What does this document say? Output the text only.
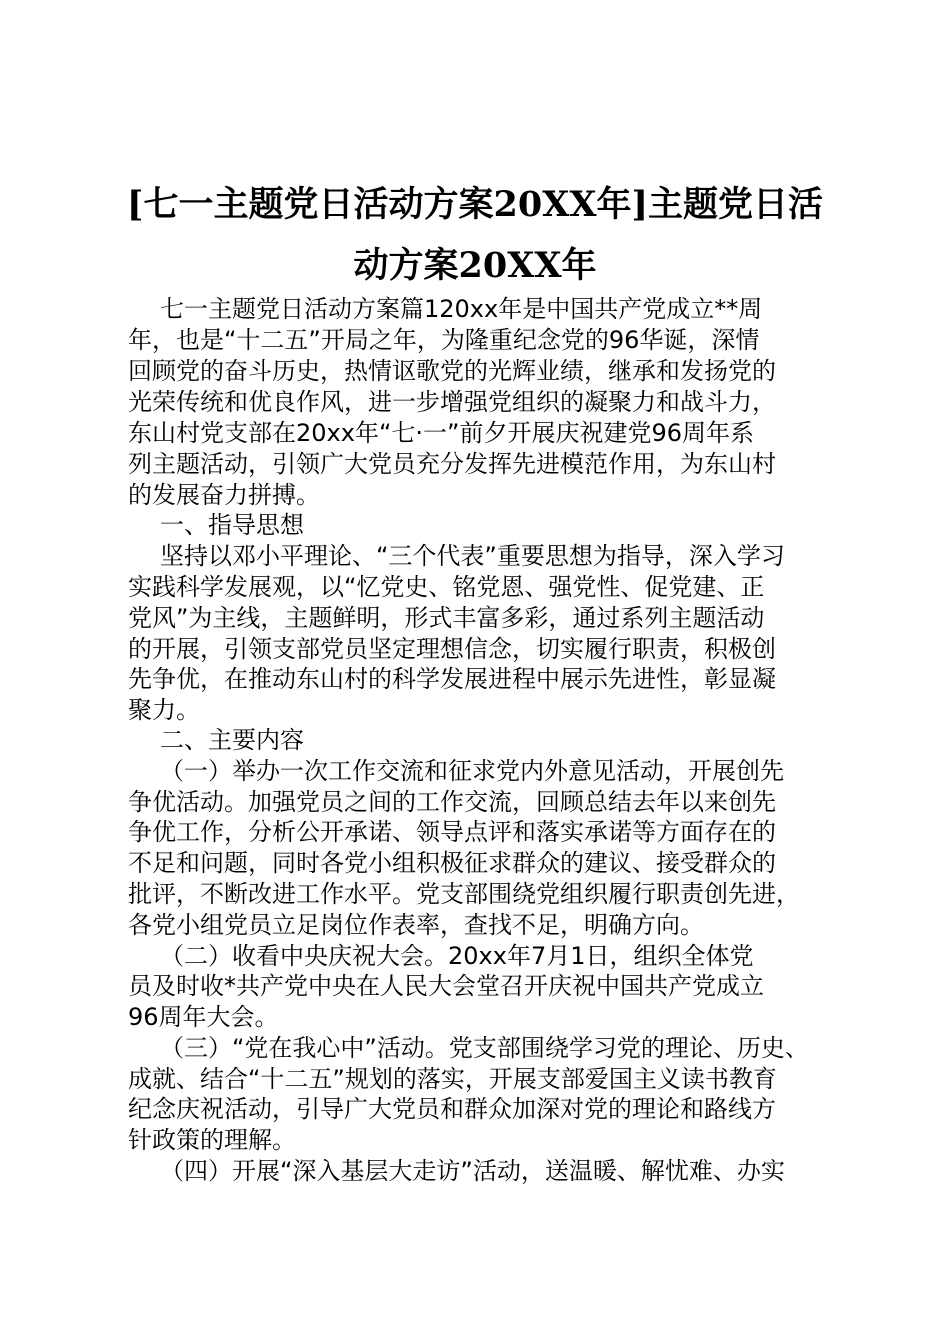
[七一主题党日活动方案20XX年]主题党日活
动方案20XX年
七一主题党日活动方案篇120xx年是中国共产党成立**周
年，也是“十二五”开局之年，为隆重纪念党的96华诞，深情
回顾党的奋斗历史，热情讴歌党的光辉业绩，继承和发扬党的
光荣传统和优良作风，进一步增强党组织的凝聚力和战斗力，
东山村党支部在20xx年“七·一”前夕开展庆祝建党96周年系
列主题活动，引领广大党员充分发挥先进模范作用，为东山村
的发展奋力拼搏。
一、指导思想
坚持以邓小平理论、“三个代表”重要思想为指导，深入学习
实践科学发展观，以“忆党史、铭党恩、强党性、促党建、正
党风”为主线，主题鲜明，形式丰富多彩，通过系列主题活动
的开展，引领支部党员坚定理想信念，切实履行职责，积极创
先争优，在推动东山村的科学发展进程中展示先进性，彰显凝
聚力。
二、主要内容
（一）举办一次工作交流和征求党内外意见活动，开展创先
争优活动。加强党员之间的工作交流，回顾总结去年以来创先
争优工作，分析公开承诺、领导点评和落实承诺等方面存在的
不足和问题，同时各党小组积极征求群众的建议、接受群众的
批评，不断改进工作水平。党支部围绕党组织履行职责创先进，
各党小组党员立足岗位作表率，查找不足，明确方向。
（二）收看中央庆祝大会。20xx年7月1日，组织全体党
员及时收*共产党中央在人民大会堂召开庆祝中国共产党成立
96周年大会。
（三）“党在我心中”活动。党支部围绕学习党的理论、历史、
成就、结合“十二五”规划的落实，开展支部爱国主义读书教育
纪念庆祝活动，引导广大党员和群众加深对党的理论和路线方
针政策的理解。
（四）开展“深入基层大走访”活动，送温暖、解忧难、办实
